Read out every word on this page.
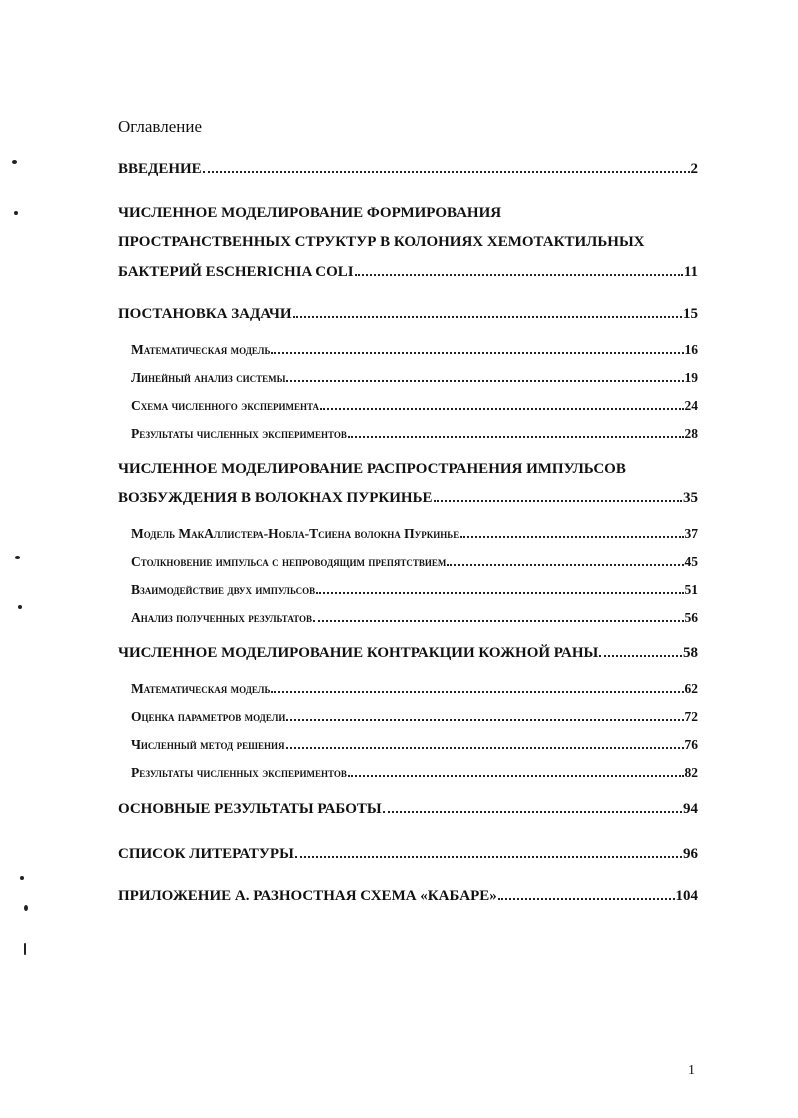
Оглавление
ВВЕДЕНИЕ	2
ЧИСЛЕННОЕ МОДЕЛИРОВАНИЕ ФОРМИРОВАНИЯ
ПРОСТРАНСТВЕННЫХ СТРУКТУР В КОЛОНИЯХ ХЕМОТАКТИЛЬНЫХ
БАКТЕРИЙ ESCHERICHIA COLI	11
ПОСТАНОВКА ЗАДАЧИ	15
Математическая модель	16
Линейный анализ системы	19
Схема численного эксперимента	24
Результаты численных экспериментов	28
ЧИСЛЕННОЕ МОДЕЛИРОВАНИЕ РАСПРОСТРАНЕНИЯ ИМПУЛЬСОВ
ВОЗБУЖДЕНИЯ В ВОЛОКНАХ ПУРКИНЬЕ	35
Модель МакАллистера-Нобла-Тсиена волокна Пуркинье	37
Столкновение импульса с непроводящим препятствием	45
Взаимодействие двух импульсов	51
Анализ полученных результатов	56
ЧИСЛЕННОЕ МОДЕЛИРОВАНИЕ КОНТРАКЦИИ КОЖНОЙ РАНЫ	58
Математическая модель	62
Оценка параметров модели	72
Численный метод решения	76
Результаты численных экспериментов	82
ОСНОВНЫЕ РЕЗУЛЬТАТЫ РАБОТЫ	94
СПИСОК ЛИТЕРАТУРЫ	96
ПРИЛОЖЕНИЕ А. РАЗНОСТНАЯ СХЕМА «КАБАРЕ»	104
1
